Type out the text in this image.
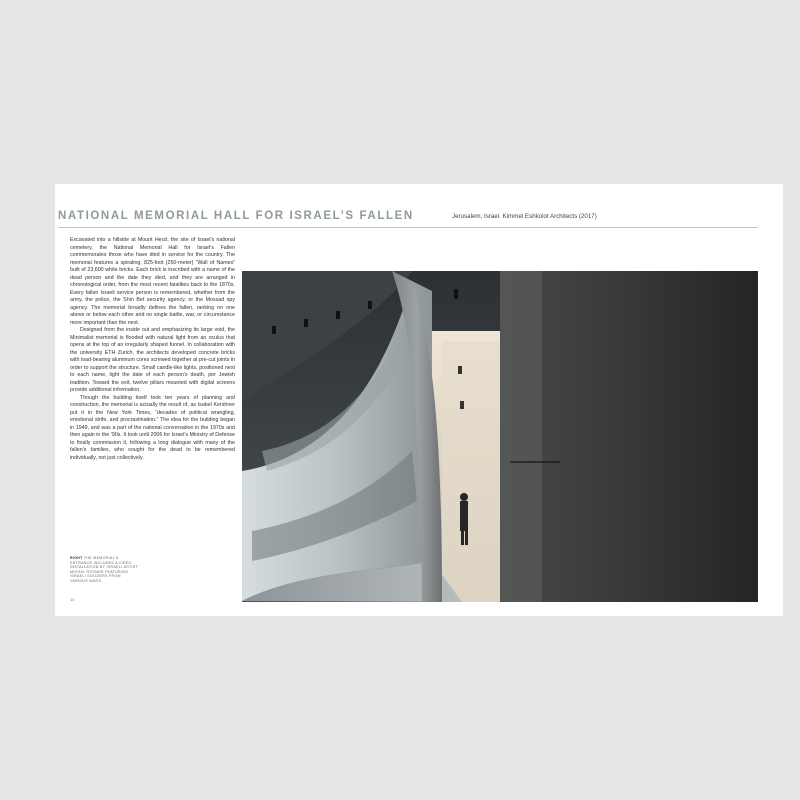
NATIONAL MEMORIAL HALL FOR ISRAEL’S FALLEN	Jerusalem, Israel. Kimmel Eshkolot Architects (2017)

Excavated into a hillside at Mount Herzl, the site of Israel’s national cemetery, the National Memorial Hall for Israel’s Fallen commemorates those who have died in service for the country. The memorial features a spiraling, 825-foot (250-meter) “Wall of Names” built of 23,600 white bricks. Each brick is inscribed with a name of the dead person and the date they died, and they are arranged in chronological order, from the most recent fatalities back to the 1870s. Every fallen Israeli service person is remembered, whether from the army, the police, the Shin Bet security agency, or the Mossad spy agency. The memorial broadly defines the fallen, ranking no one above or below each other and no single battle, war, or circumstance more important than the next.

Designed from the inside out and emphasizing its large void, the Minimalist memorial is flooded with natural light from an oculus that opens at the top of an irregularly shaped funnel. In collaboration with the university ETH Zurich, the architects developed concrete bricks with load-bearing aluminum cores screwed together at pre-cut joints in order to support the structure. Small candle-like lights, positioned next to each name, light the date of each person’s death, per Jewish tradition. Toward the exit, twelve pillars mounted with digital screens provide additional information.

Though the building itself took ten years of planning and construction, the memorial is actually the result of, as Isabel Kershner put it in the New York Times, “decades of political wrangling, emotional strife, and procrastination.” The idea for the building began in 1949, and was a part of the national conversation in the 1970s and then again in the ’90s. It took until 2006 for Israel’s Ministry of Defense to finally commission it, following a long dialogue with many of the fallen’s families, who sought for the dead to be remembered individually, not just collectively.

RIGHT THE MEMORIAL'S ENTRANCE INCLUDES A VIDEO INSTALLATION BY ISRAELI ARTIST MICHAL ROVNER FEATURING ISRAELI SOLDIERS FROM VARIOUS WARS.
10
